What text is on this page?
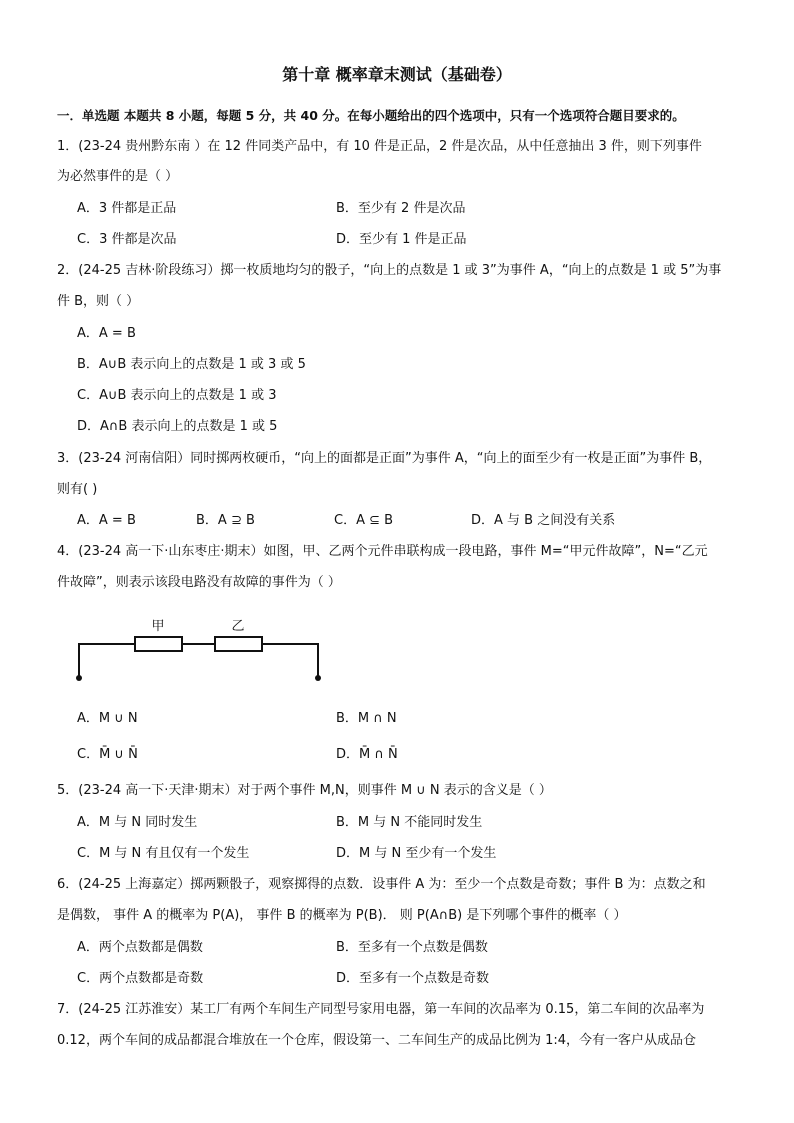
第十章 概率章末测试（基础卷）
一．单选题 本题共 8 小题，每题 5 分，共 40 分。在每小题给出的四个选项中，只有一个选项符合题目要求的。
1．(23-24 贵州黔东南 ）在 12 件同类产品中，有 10 件是正品，2 件是次品，从中任意抽出 3 件，则下列事件
为必然事件的是（ ）
A．3 件都是正品	B．至少有 2 件是次品
C．3 件都是次品	D．至少有 1 件是正品
2．(24-25 吉林·阶段练习）掷一枚质地均匀的骰子，“向上的点数是 1 或 3”为事件 A，“向上的点数是 1 或 5”为事
件 B，则（ ）
A．A = B
B．A∪B 表示向上的点数是 1 或 3 或 5
C．A∪B 表示向上的点数是 1 或 3
D．A∩B 表示向上的点数是 1 或 5
3．(23-24 河南信阳）同时掷两枚硬币，“向上的面都是正面”为事件 A，“向上的面至少有一枚是正面”为事件 B，
则有( )
A．A = B	B．A ⊇ B	C．A ⊆ B	D．A 与 B 之间没有关系
4．(23-24 高一下·山东枣庄·期末）如图，甲、乙两个元件串联构成一段电路，事件 M=“甲元件故障”，N=“乙元
件故障”，则表示该段电路没有故障的事件为（ ）
甲	乙
A．M ∪ N	B．M ∩ N
C．M̄ ∪ N̄	D．M̄ ∩ N̄
5．(23-24 高一下·天津·期末）对于两个事件 M,N，则事件 M ∪ N 表示的含义是（ ）
A．M 与 N 同时发生	B．M 与 N 不能同时发生
C．M 与 N 有且仅有一个发生	D．M 与 N 至少有一个发生
6．(24-25 上海嘉定）掷两颗骰子，观察掷得的点数．设事件 A 为：至少一个点数是奇数；事件 B 为：点数之和
是偶数， 事件 A 的概率为 P(A)， 事件 B 的概率为 P(B)． 则 P(A∩B) 是下列哪个事件的概率（ ）
A．两个点数都是偶数	B．至多有一个点数是偶数
C．两个点数都是奇数	D．至多有一个点数是奇数
7．(24-25 江苏淮安）某工厂有两个车间生产同型号家用电器，第一车间的次品率为 0.15，第二车间的次品率为
0.12，两个车间的成品都混合堆放在一个仓库，假设第一、二车间生产的成品比例为 1:4，今有一客户从成品仓
